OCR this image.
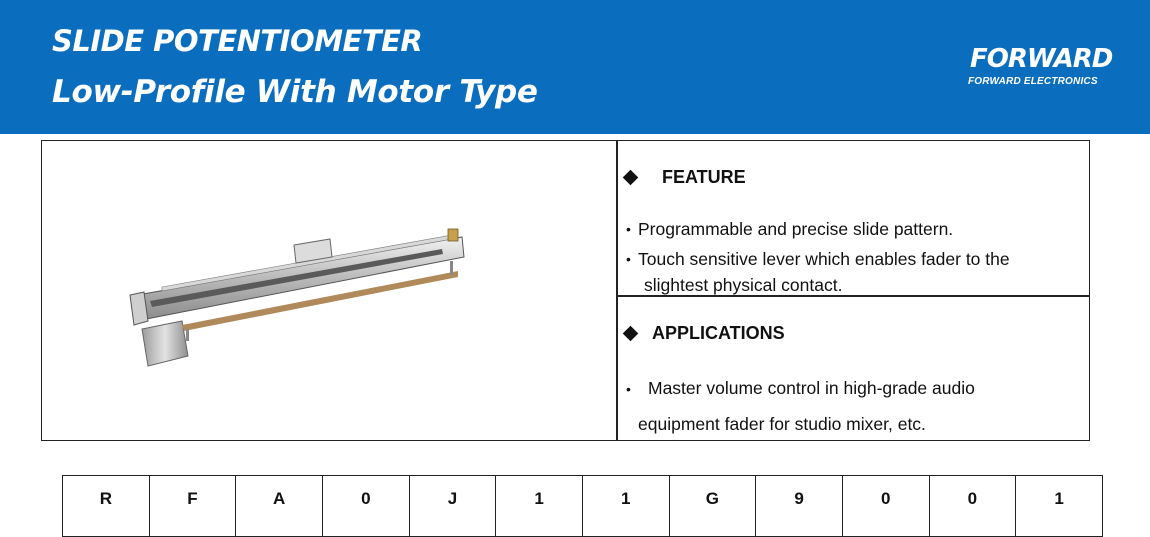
SLIDE POTENTIOMETER
Low-Profile With Motor Type
FORWARD
FORWARD ELECTRONICS
FEATURE
• Programmable and precise slide pattern.
• Touch sensitive lever which enables fader to the
slightest physical contact.
APPLICATIONS
• Master volume control in high-grade audio
equipment fader for studio mixer, etc.
R	F	A	0	J	1	1	G	9	0	0	1
